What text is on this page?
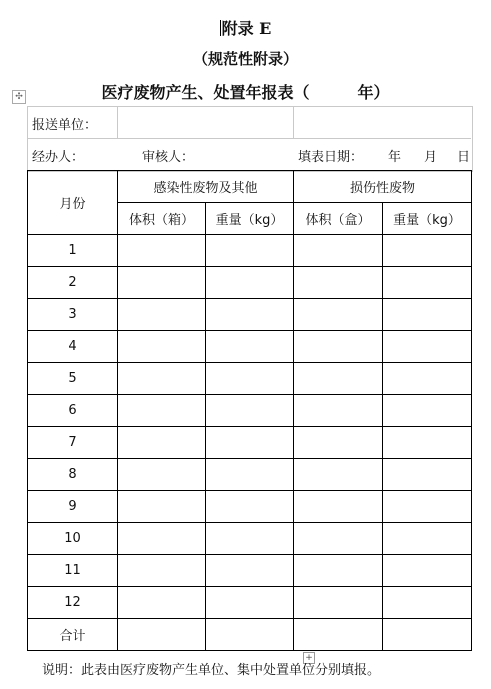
附录 E
（规范性附录）
医疗废物产生、处置年报表（　　　年）
✣
报送单位：
经办人：	审核人：	填表日期： 年 月 日
月份	感染性废物及其他		损伤性废物	
	体积（箱）	重量（kg）	体积（盒）	重量（kg）
1				
2				
3				
4				
5				
6				
7				
8				
9				
10				
11				
12				
合计				
+
说明：此表由医疗废物产生单位、集中处置单位分别填报。
